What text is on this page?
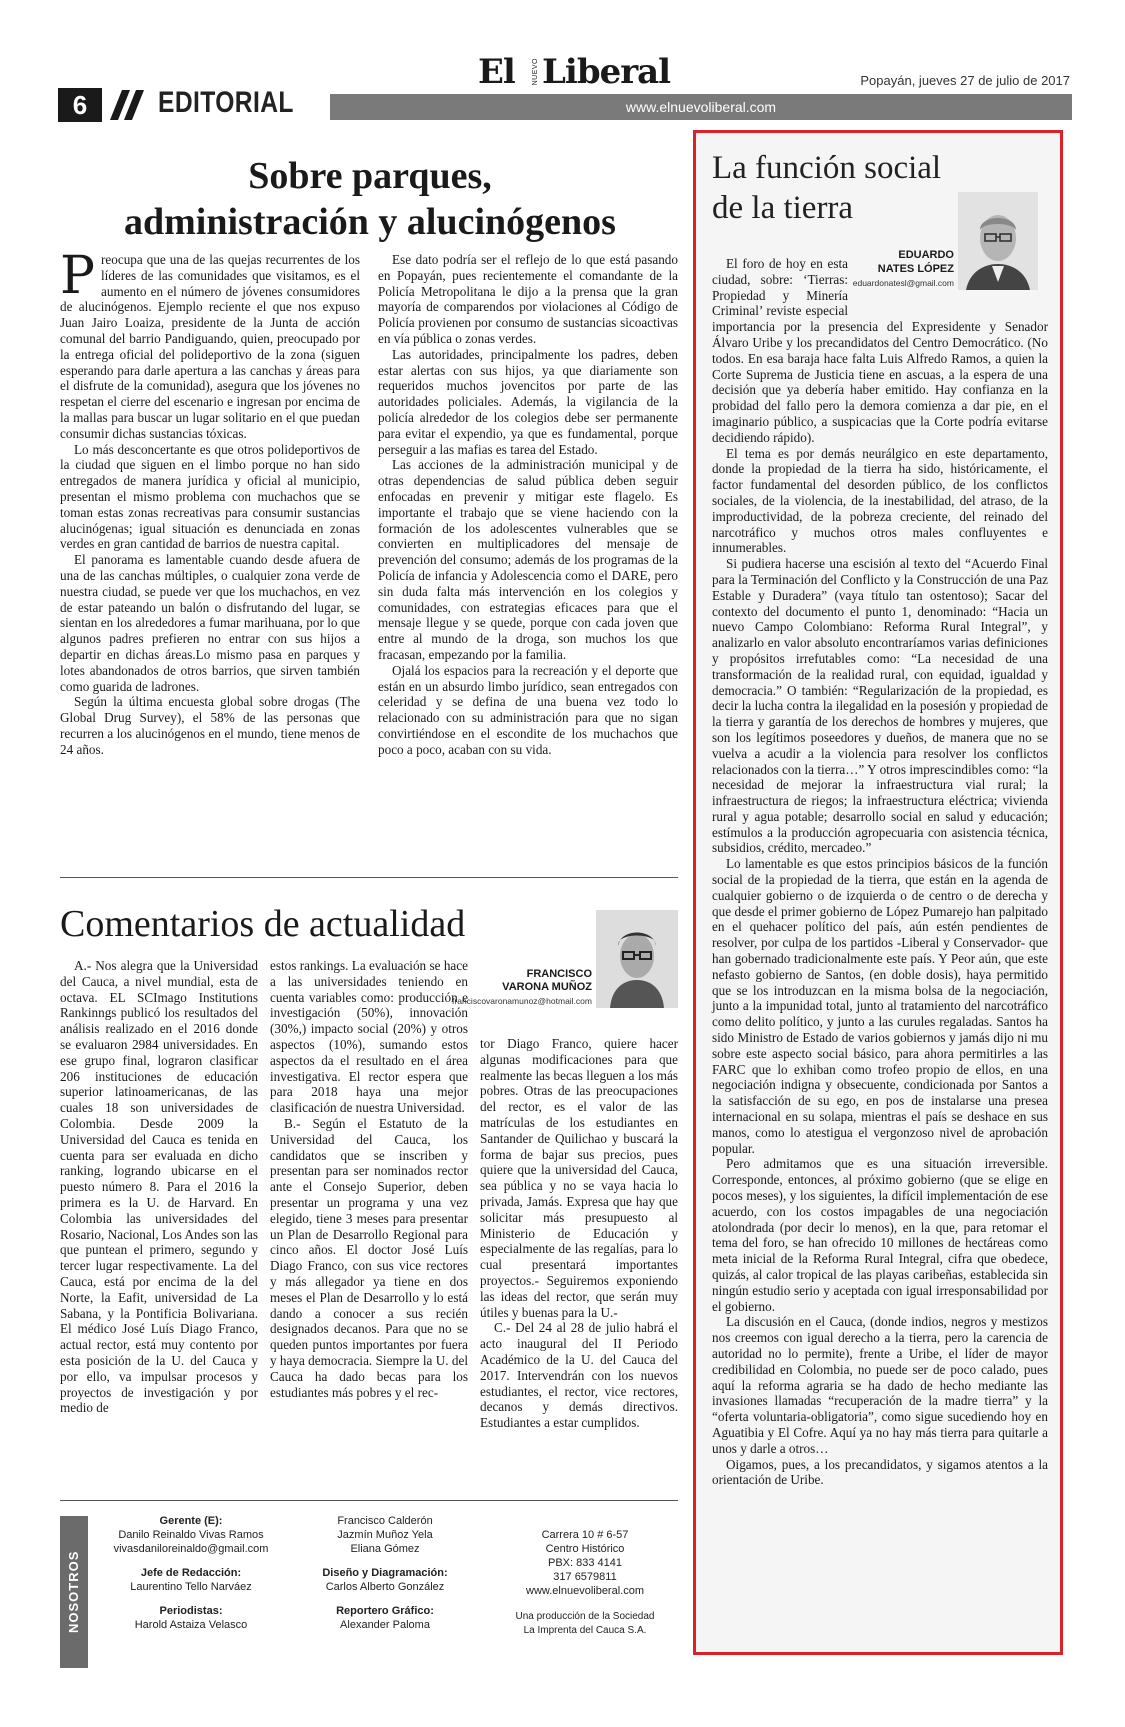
6	EDITORIAL	www.elnuevoliberal.com
El NUEVO Liberal	Popayán, jueves 27 de julio de 2017
Sobre parques,
administración y alucinógenos

Preocupa que una de las quejas recurrentes de los líderes de las comunidades que visitamos, es el aumento en el número de jóvenes consumidores de alucinógenos. Ejemplo reciente el que nos expuso Juan Jairo Loaiza, presidente de la Junta de acción comunal del barrio Pandiguando, quien, preocupado por la entrega oficial del polideportivo de la zona (siguen esperando para darle apertura a las canchas y áreas para el disfrute de la comunidad), asegura que los jóvenes no respetan el cierre del escenario e ingresan por encima de la mallas para buscar un lugar solitario en el que puedan consumir dichas sustancias tóxicas.

Lo más desconcertante es que otros polideportivos de la ciudad que siguen en el limbo porque no han sido entregados de manera jurídica y oficial al municipio, presentan el mismo problema con muchachos que se toman estas zonas recreativas para consumir sustancias alucinógenas; igual situación es denunciada en zonas verdes en gran cantidad de barrios de nuestra capital.

El panorama es lamentable cuando desde afuera de una de las canchas múltiples, o cualquier zona verde de nuestra ciudad, se puede ver que los muchachos, en vez de estar pateando un balón o disfrutando del lugar, se sientan en los alrededores a fumar marihuana, por lo que algunos padres prefieren no entrar con sus hijos a departir en dichas áreas.Lo mismo pasa en parques y lotes abandonados de otros barrios, que sirven también como guarida de ladrones.

Según la última encuesta global sobre drogas (The Global Drug Survey), el 58% de las personas que recurren a los alucinógenos en el mundo, tiene menos de 24 años.

Ese dato podría ser el reflejo de lo que está pasando en Popayán, pues recientemente el comandante de la Policía Metropolitana le dijo a la prensa que la gran mayoría de comparendos por violaciones al Código de Policía provienen por consumo de sustancias sicoactivas en vía pública o zonas verdes.

Las autoridades, principalmente los padres, deben estar alertas con sus hijos, ya que diariamente son requeridos muchos jovencitos por parte de las autoridades policiales. Además, la vigilancia de la policía alrededor de los colegios debe ser permanente para evitar el expendio, ya que es fundamental, porque perseguir a las mafias es tarea del Estado.

Las acciones de la administración municipal y de otras dependencias de salud pública deben seguir enfocadas en prevenir y mitigar este flagelo. Es importante el trabajo que se viene haciendo con la formación de los adolescentes vulnerables que se convierten en multiplicadores del mensaje de prevención del consumo; además de los programas de la Policía de infancia y Adolescencia como el DARE, pero sin duda falta más intervención en los colegios y comunidades, con estrategias eficaces para que el mensaje llegue y se quede, porque con cada joven que entre al mundo de la droga, son muchos los que fracasan, empezando por la familia.

Ojalá los espacios para la recreación y el deporte que están en un absurdo limbo jurídico, sean entregados con celeridad y se defina de una buena vez todo lo relacionado con su administración para que no sigan convirtiéndose en el escondite de los muchachos que poco a poco, acaban con su vida.

Comentarios de actualidad
FRANCISCO
VARONA MUÑOZ
franciscovaronamunoz@hotmail.com

A.- Nos alegra que la Universidad del Cauca, a nivel mundial, esta de octava. EL SCImago Institutions Rankinngs publicó los resultados del análisis realizado en el 2016 donde se evaluaron 2984 universidades. En ese grupo final, lograron clasificar 206 instituciones de educación superior latinoamericanas, de las cuales 18 son universidades de Colombia. Desde 2009 la Universidad del Cauca es tenida en cuenta para ser evaluada en dicho ranking, logrando ubicarse en el puesto número 8. Para el 2016 la primera es la U. de Harvard. En Colombia las universidades del Rosario, Nacional, Los Andes son las que puntean el primero, segundo y tercer lugar respectivamente. La del Cauca, está por encima de la del Norte, la Eafit, universidad de La Sabana, y la Pontificia Bolivariana. El médico José Luís Diago Franco, actual rector, está muy contento por esta posición de la U. del Cauca y por ello, va impulsar procesos y proyectos de investigación y por medio de

estos rankings. La evaluación se hace a las universidades teniendo en cuenta variables como: producción e investigación (50%), innovación (30%,) impacto social (20%) y otros aspectos (10%), sumando estos aspectos da el resultado en el área investigativa. El rector espera que para 2018 haya una mejor clasificación de nuestra Universidad.

B.- Según el Estatuto de la Universidad del Cauca, los candidatos que se inscriben y presentan para ser nominados rector ante el Consejo Superior, deben presentar un programa y una vez elegido, tiene 3 meses para presentar un Plan de Desarrollo Regional para cinco años. El doctor José Luís Diago Franco, con sus vice rectores y más allegador ya tiene en dos meses el Plan de Desarrollo y lo está dando a conocer a sus recién designados decanos. Para que no se queden puntos importantes por fuera y haya democracia. Siempre la U. del Cauca ha dado becas para los estudiantes más pobres y el rec-

tor Diago Franco, quiere hacer algunas modificaciones para que realmente las becas lleguen a los más pobres. Otras de las preocupaciones del rector, es el valor de las matrículas de los estudiantes en Santander de Quilichao y buscará la forma de bajar sus precios, pues quiere que la universidad del Cauca, sea pública y no se vaya hacia lo privada, Jamás. Expresa que hay que solicitar más presupuesto al Ministerio de Educación y especialmente de las regalías, para lo cual presentará importantes proyectos.- Seguiremos exponiendo las ideas del rector, que serán muy útiles y buenas para la U.-

C.- Del 24 al 28 de julio habrá el acto inaugural del II Periodo Académico de la U. del Cauca del 2017. Intervendrán con los nuevos estudiantes, el rector, vice rectores, decanos y demás directivos. Estudiantes a estar cumplidos.

NOSOTROS
Gerente (E):
Danilo Reinaldo Vivas Ramos
vivasdaniloreinaldo@gmail.com
Jefe de Redacción:
Laurentino Tello Narváez
Periodistas:
Harold Astaiza Velasco
Francisco Calderón
Jazmín Muñoz Yela
Eliana Gómez
Diseño y Diagramación:
Carlos Alberto González
Reportero Gráfico:
Alexander Paloma
Carrera 10 # 6-57
Centro Histórico
PBX: 833 4141
317 6579811
www.elnuevoliberal.com
Una producción de la Sociedad
La Imprenta del Cauca S.A.
La función social
de la tierra
EDUARDO
NATES LÓPEZ
eduardonatesl@gmail.com

El foro de hoy en esta ciudad, sobre: ‘Tierras: Propiedad y Minería Criminal’ reviste especial importancia por la presencia del Expresidente y Senador Álvaro Uribe y los precandidatos del Centro Democrático. (No todos. En esa baraja hace falta Luis Alfredo Ramos, a quien la Corte Suprema de Justicia tiene en ascuas, a la espera de una decisión que ya debería haber emitido. Hay confianza en la probidad del fallo pero la demora comienza a dar pie, en el imaginario público, a suspicacias que la Corte podría evitarse decidiendo rápido).

El tema es por demás neurálgico en este departamento, donde la propiedad de la tierra ha sido, históricamente, el factor fundamental del desorden público, de los conflictos sociales, de la violencia, de la inestabilidad, del atraso, de la improductividad, de la pobreza creciente, del reinado del narcotráfico y muchos otros males confluyentes e innumerables.

Si pudiera hacerse una escisión al texto del “Acuerdo Final para la Terminación del Conflicto y la Construcción de una Paz Estable y Duradera” (vaya título tan ostentoso); Sacar del contexto del documento el punto 1, denominado: “Hacia un nuevo Campo Colombiano: Reforma Rural Integral”, y analizarlo en valor absoluto encontraríamos varias definiciones y propósitos irrefutables como: “La necesidad de una transformación de la realidad rural, con equidad, igualdad y democracia.” O también: “Regularización de la propiedad, es decir la lucha contra la ilegalidad en la posesión y propiedad de la tierra y garantía de los derechos de hombres y mujeres, que son los legítimos poseedores y dueños, de manera que no se vuelva a acudir a la violencia para resolver los conflictos relacionados con la tierra…” Y otros imprescindibles como: “la necesidad de mejorar la infraestructura vial rural; la infraestructura de riegos; la infraestructura eléctrica; vivienda rural y agua potable; desarrollo social en salud y educación; estímulos a la producción agropecuaria con asistencia técnica, subsidios, crédito, mercadeo.”

Lo lamentable es que estos principios básicos de la función social de la propiedad de la tierra, que están en la agenda de cualquier gobierno o de izquierda o de centro o de derecha y que desde el primer gobierno de López Pumarejo han palpitado en el quehacer político del país, aún estén pendientes de resolver, por culpa de los partidos -Liberal y Conservador- que han gobernado tradicionalmente este país. Y Peor aún, que este nefasto gobierno de Santos, (en doble dosis), haya permitido que se los introduzcan en la misma bolsa de la negociación, junto a la impunidad total, junto al tratamiento del narcotráfico como delito político, y junto a las curules regaladas. Santos ha sido Ministro de Estado de varios gobiernos y jamás dijo ni mu sobre este aspecto social básico, para ahora permitirles a las FARC que lo exhiban como trofeo propio de ellos, en una negociación indigna y obsecuente, condicionada por Santos a la satisfacción de su ego, en pos de instalarse una presea internacional en su solapa, mientras el país se deshace en sus manos, como lo atestigua el vergonzoso nivel de aprobación popular.

Pero admitamos que es una situación irreversible. Corresponde, entonces, al próximo gobierno (que se elige en pocos meses), y los siguientes, la difícil implementación de ese acuerdo, con los costos impagables de una negociación atolondrada (por decir lo menos), en la que, para retomar el tema del foro, se han ofrecido 10 millones de hectáreas como meta inicial de la Reforma Rural Integral, cifra que obedece, quizás, al calor tropical de las playas caribeñas, establecida sin ningún estudio serio y aceptada con igual irresponsabilidad por el gobierno.

La discusión en el Cauca, (donde indios, negros y mestizos nos creemos con igual derecho a la tierra, pero la carencia de autoridad no lo permite), frente a Uribe, el líder de mayor credibilidad en Colombia, no puede ser de poco calado, pues aquí la reforma agraria se ha dado de hecho mediante las invasiones llamadas “recuperación de la madre tierra” y la “oferta voluntaria-obligatoria”, como sigue sucediendo hoy en Aguatibia y El Cofre. Aquí ya no hay más tierra para quitarle a unos y darle a otros…

Oigamos, pues, a los precandidatos, y sigamos atentos a la orientación de Uribe.
